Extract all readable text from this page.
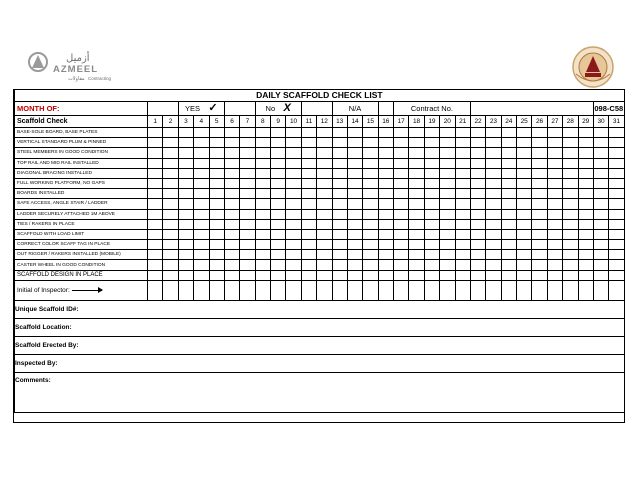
أزميل
AZMEEL
مقاولات Contracting
DAILY SCAFFOLD CHECK LIST																																
MONTH OF:			YES ✓					No X					N/A				Contract No.													098-C58		
Scaffold Check	1	2	3	4	5	6	7	8	9	10	11	12	13	14	15	16	17	18	19	20	21	22	23	24	25	26	27	28	29	30	31	
BASE-SOLE BOARD, BASE PLATES																																
VERTICAL STANDARD PLUM & PINNED																																
STEEL MEMBERS IN GOOD CONDITION																																
TOP RAIL AND MID RAIL INSTALLED																																
DIAGONAL BRACING INSTALLED																																
FULL WORKING PLATFORM, NO GAPS																																
BOARDS INSTALLED																																
SAFE ACCESS, ANGLE STAIR / LADDER																																
LADDER SECURELY ATTACHED 1M ABOVE																																
TIES / RAKERS IN PLACE																																
SCAFFOLD WITH LOAD LIMIT																																
CORRECT COLOR SCAFF TAG IN PLACE																																
OUT RIGGER / RAKERS INSTALLED (MOBILE)																																
CASTER WHEEL IN GOOD CONDITION																																
SCAFFOLD DESIGN IN PLACE																																
Initial of Inspector:																																
Unique Scaffold ID#:																																
Scaffold Location:																																
Scaffold Erected By:																																
Inspected By:																																
Comments:																																
